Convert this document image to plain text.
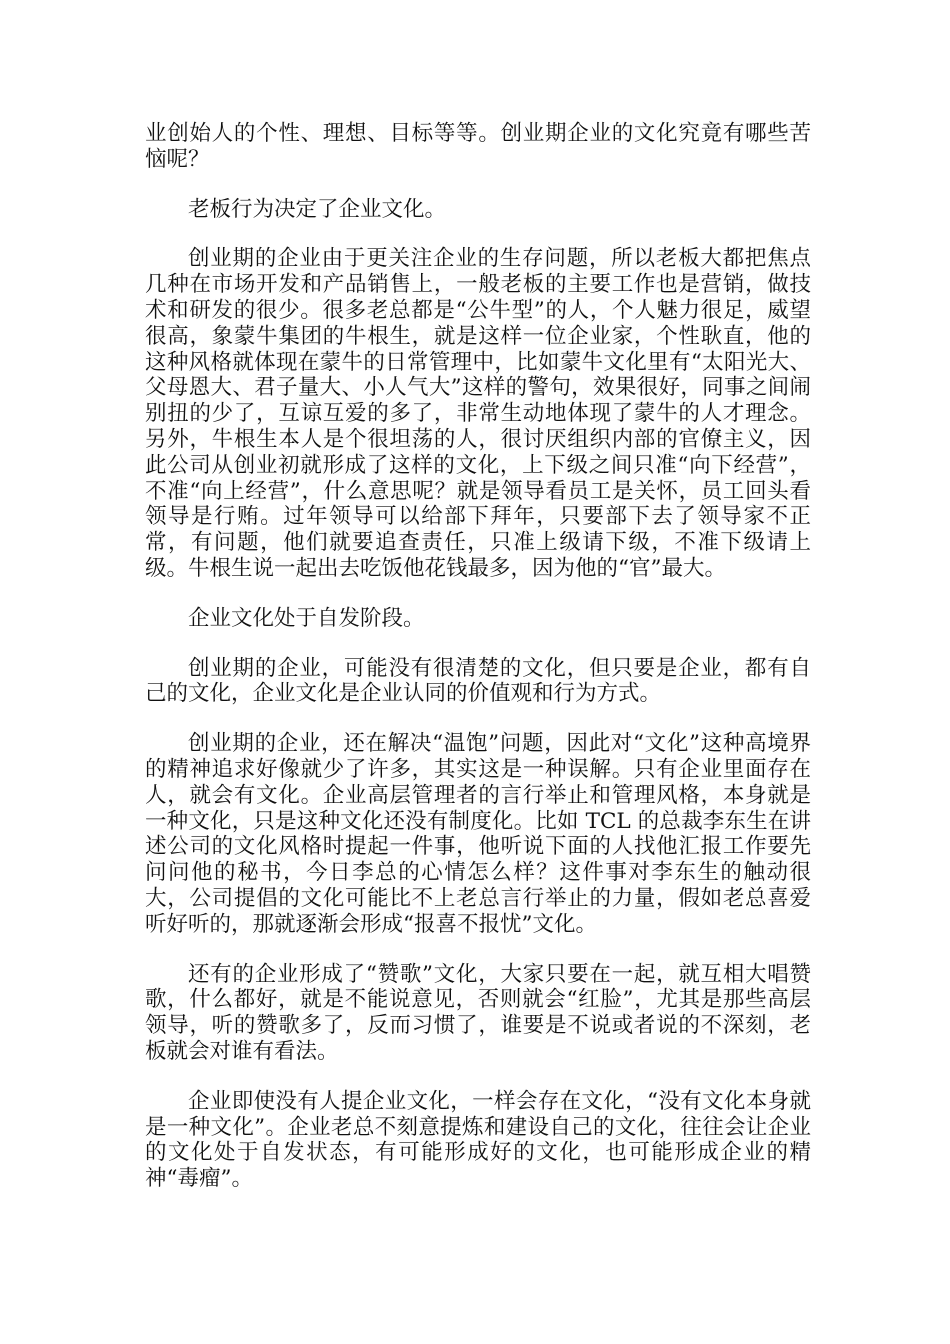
业创始人的个性、理想、目标等等。创业期企业的文化究竟有哪些苦恼呢？

老板行为决定了企业文化。

创业期的企业由于更关注企业的生存问题，所以老板大都把焦点几种在市场开发和产品销售上，一般老板的主要工作也是营销，做技术和研发的很少。很多老总都是“公牛型”的人，个人魅力很足，威望很高，象蒙牛集团的牛根生，就是这样一位企业家，个性耿直，他的这种风格就体现在蒙牛的日常管理中，比如蒙牛文化里有“太阳光大、父母恩大、君子量大、小人气大”这样的警句，效果很好，同事之间闹别扭的少了，互谅互爱的多了，非常生动地体现了蒙牛的人才理念。另外，牛根生本人是个很坦荡的人，很讨厌组织内部的官僚主义，因此公司从创业初就形成了这样的文化，上下级之间只准“向下经营”，不准“向上经营”，什么意思呢？就是领导看员工是关怀，员工回头看领导是行贿。过年领导可以给部下拜年，只要部下去了领导家不正常，有问题，他们就要追查责任，只准上级请下级，不准下级请上级。牛根生说一起出去吃饭他花钱最多，因为他的“官”最大。

企业文化处于自发阶段。

创业期的企业，可能没有很清楚的文化，但只要是企业，都有自己的文化，企业文化是企业认同的价值观和行为方式。

创业期的企业，还在解决“温饱”问题，因此对“文化”这种高境界的精神追求好像就少了许多，其实这是一种误解。只有企业里面存在人，就会有文化。企业高层管理者的言行举止和管理风格，本身就是一种文化，只是这种文化还没有制度化。比如 TCL 的总裁李东生在讲述公司的文化风格时提起一件事，他听说下面的人找他汇报工作要先问问他的秘书，今日李总的心情怎么样？这件事对李东生的触动很大，公司提倡的文化可能比不上老总言行举止的力量，假如老总喜爱听好听的，那就逐渐会形成“报喜不报忧”文化。

还有的企业形成了“赞歌”文化，大家只要在一起，就互相大唱赞歌，什么都好，就是不能说意见，否则就会“红脸”，尤其是那些高层领导，听的赞歌多了，反而习惯了，谁要是不说或者说的不深刻，老板就会对谁有看法。

企业即使没有人提企业文化，一样会存在文化，“没有文化本身就是一种文化”。企业老总不刻意提炼和建设自己的文化，往往会让企业的文化处于自发状态，有可能形成好的文化，也可能形成企业的精神“毒瘤”。
